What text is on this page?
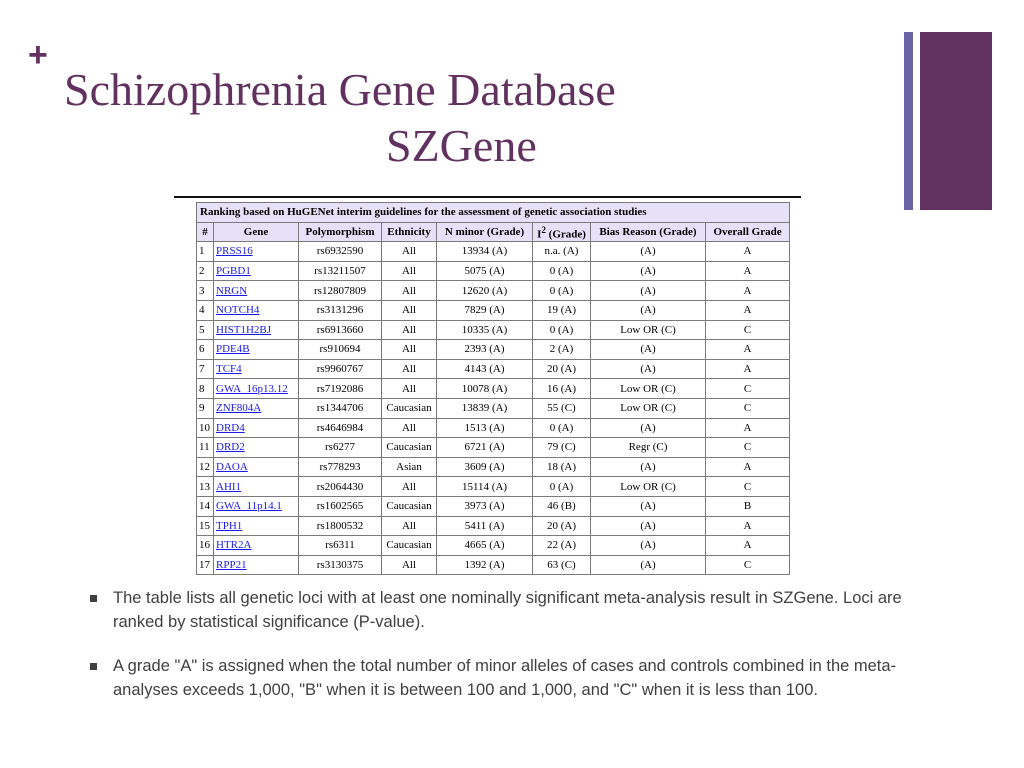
+
Schizophrenia Gene Database
SZGene
Ranking based on HuGENet interim guidelines for the assessment of genetic association studies							
#	Gene	Polymorphism	Ethnicity	N minor (Grade)	$I^2$ (Grade)	Bias Reason (Grade)	Overall Grade
1	PRSS16	rs6932590	All	13934 (A)	n.a. (A)	(A)	A
2	PGBD1	rs13211507	All	5075 (A)	0 (A)	(A)	A
3	NRGN	rs12807809	All	12620 (A)	0 (A)	(A)	A
4	NOTCH4	rs3131296	All	7829 (A)	19 (A)	(A)	A
5	HIST1H2BJ	rs6913660	All	10335 (A)	0 (A)	Low OR (C)	C
6	PDE4B	rs910694	All	2393 (A)	2 (A)	(A)	A
7	TCF4	rs9960767	All	4143 (A)	20 (A)	(A)	A
8	GWA_16p13.12	rs7192086	All	10078 (A)	16 (A)	Low OR (C)	C
9	ZNF804A	rs1344706	Caucasian	13839 (A)	55 (C)	Low OR (C)	C
10	DRD4	rs4646984	All	1513 (A)	0 (A)	(A)	A
11	DRD2	rs6277	Caucasian	6721 (A)	79 (C)	Regr (C)	C
12	DAOA	rs778293	Asian	3609 (A)	18 (A)	(A)	A
13	AHI1	rs2064430	All	15114 (A)	0 (A)	Low OR (C)	C
14	GWA_11p14.1	rs1602565	Caucasian	3973 (A)	46 (B)	(A)	B
15	TPH1	rs1800532	All	5411 (A)	20 (A)	(A)	A
16	HTR2A	rs6311	Caucasian	4665 (A)	22 (A)	(A)	A
17	RPP21	rs3130375	All	1392 (A)	63 (C)	(A)	C
The table lists all genetic loci with at least one nominally significant meta-analysis result in SZGene. Loci are ranked by statistical significance (P-value).
A grade "A" is assigned when the total number of minor alleles of cases and controls combined in the meta-analyses exceeds 1,000, "B" when it is between 100 and 1,000, and "C" when it is less than 100.
